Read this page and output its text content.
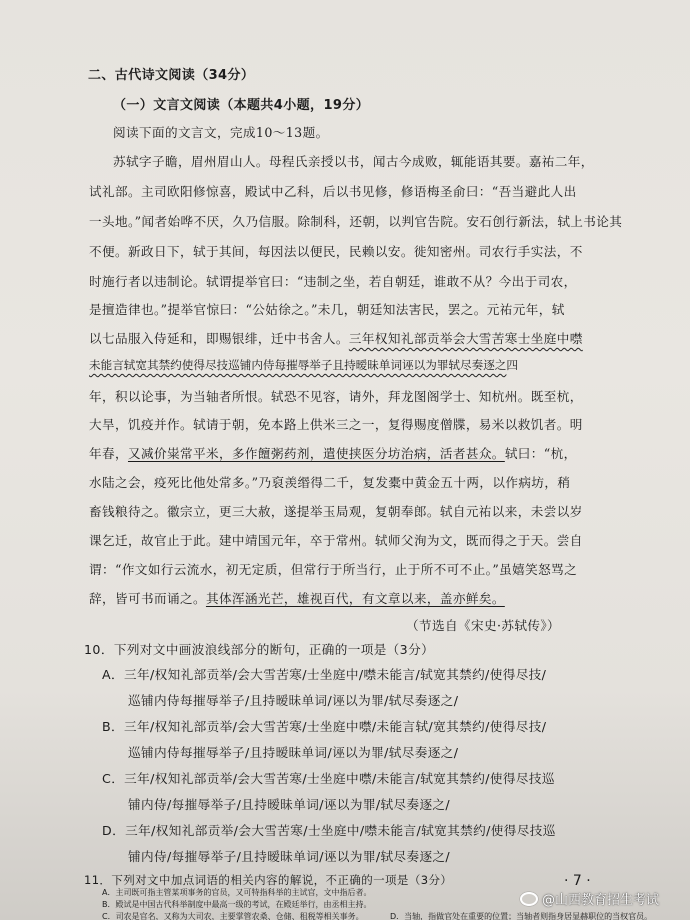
二、古代诗文阅读（34分）
（一）文言文阅读（本题共4小题，19分）
阅读下面的文言文，完成10～13题。
苏轼字子瞻，眉州眉山人。母程氏亲授以书，闻古今成败，辄能语其要。嘉祐二年，
试礼部。主司欧阳修惊喜，殿试中乙科，后以书见修，修语梅圣俞曰：“吾当避此人出
一头地。”闻者始哗不厌，久乃信服。除制科，还朝，以判官告院。安石创行新法，轼上书论其
不便。新政日下，轼于其间，每因法以便民，民赖以安。徙知密州。司农行手实法，不
时施行者以违制论。轼谓提举官曰：“违制之坐，若自朝廷，谁敢不从？今出于司农，
是擅造律也。”提举官惊曰：“公姑徐之。”未几，朝廷知法害民，罢之。元祐元年，轼
以七品服入侍延和，即赐银绯，迁中书舍人。三年权知礼部贡举会大雪苦寒士坐庭中噤
未能言轼宽其禁约使得尽技巡铺内侍每摧辱举子且持暧昧单词诬以为罪轼尽奏逐之四
年，积以论事，为当轴者所恨。轼恐不见容，请外，拜龙图阁学士、知杭州。既至杭，
大旱，饥疫并作。轼请于朝，免本路上供米三之一，复得赐度僧牒，易米以救饥者。明
年春，又减价粜常平米，多作饘粥药剂，遣使挟医分坊治病，活者甚众。轼曰：“杭，
水陆之会，疫死比他处常多。”乃裒羡缗得二千，复发橐中黄金五十两，以作病坊，稍
畜钱粮待之。徽宗立，更三大赦，遂提举玉局观，复朝奉郎。轼自元祐以来，未尝以岁
课乞迁，故官止于此。建中靖国元年，卒于常州。轼师父洵为文，既而得之于天。尝自
谓：“作文如行云流水，初无定质，但常行于所当行，止于所不可不止。”虽嬉笑怒骂之
辞，皆可书而诵之。其体浑涵光芒，雄视百代，有文章以来，盖亦鲜矣。
（节选自《宋史·苏轼传》）
10．下列对文中画波浪线部分的断句，正确的一项是（3分）
A．三年/权知礼部贡举/会大雪苦寒/士坐庭中/噤未能言/轼宽其禁约/使得尽技/
巡铺内侍每摧辱举子/且持暧昧单词/诬以为罪/轼尽奏逐之/
B．三年/权知礼部贡举/会大雪苦寒/士坐庭中噤/未能言轼/宽其禁约/使得尽技/
巡铺内侍每摧辱举子/且持暧昧单词/诬以为罪/轼尽奏逐之/
C．三年/权知礼部贡举/会大雪苦寒/士坐庭中噤/未能言/轼宽其禁约/使得尽技巡
铺内侍/每摧辱举子/且持暧昧单词/诬以为罪/轼尽奏逐之/
· 7 ·
@山西教育招生考试
D．三年/权知礼部贡举/会大雪苦寒/士坐庭中/噤未能言/轼宽其禁约/使得尽技巡
铺内侍/每摧辱举子/且持暧昧单词/诬以为罪/轼尽奏逐之/
11．下列对文中加点词语的相关内容的解说，不正确的一项是（3分）
A．主司既可指主管某项事务的官员，又可特指科举的主试官，文中指后者。
B．殿试是中国古代科举制度中最高一级的考试，在殿廷举行，由丞相主持。
C．司农是官名，又称为大司农，主要掌管农桑、仓储、租税等相关事务。	D．当轴，指做官处在重要的位置；当轴者则指身居显赫职位的当权官员。
